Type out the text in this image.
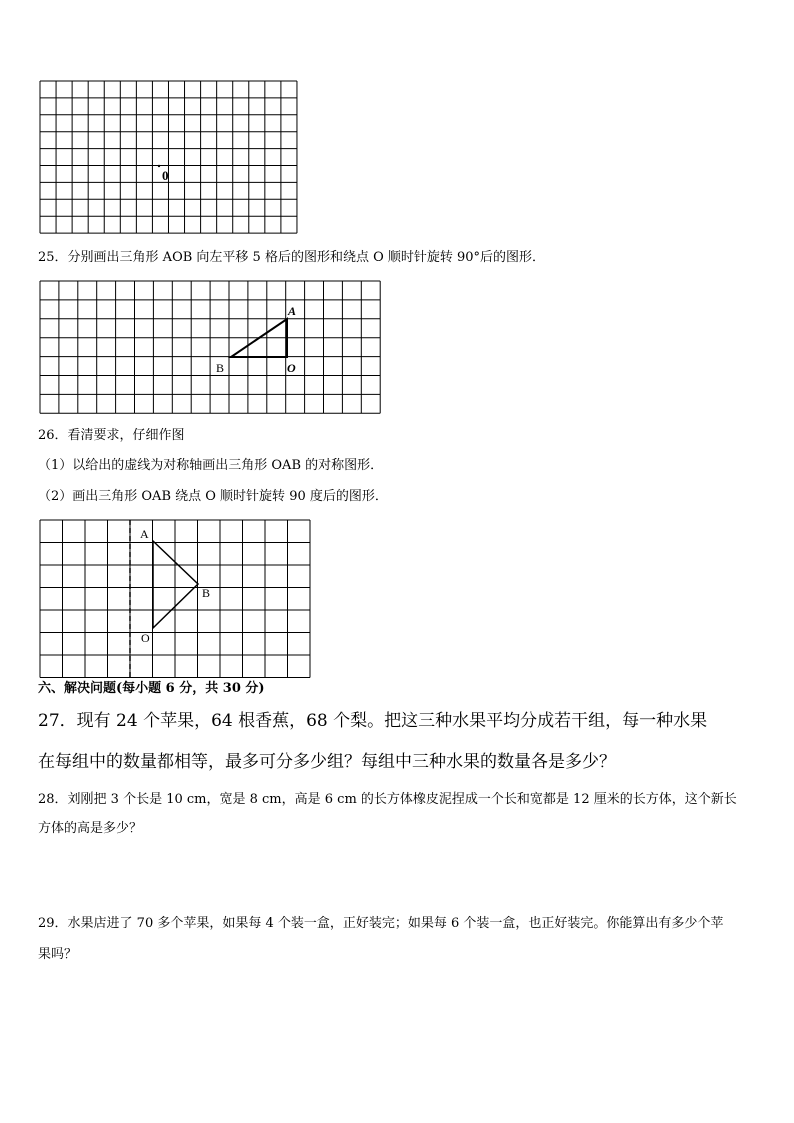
0
25．分别画出三角形 AOB 向左平移 5 格后的图形和绕点 O 顺时针旋转 90°后的图形．
A
B	O
26．看清要求，仔细作图
（1）以给出的虚线为对称轴画出三角形 OAB 的对称图形．
（2）画出三角形 OAB 绕点 O 顺时针旋转 90 度后的图形．
A
B
O
六、解决问题(每小题 6 分，共 30 分)
27．现有 24 个苹果，64 根香蕉，68 个梨。把这三种水果平均分成若干组，每一种水果
在每组中的数量都相等，最多可分多少组？每组中三种水果的数量各是多少？
28．刘刚把 3 个长是 10 cm，宽是 8 cm，高是 6 cm 的长方体橡皮泥捏成一个长和宽都是 12 厘米的长方体，这个新长
方体的高是多少？
29．水果店进了 70 多个苹果，如果每 4 个装一盒，正好装完；如果每 6 个装一盒，也正好装完。你能算出有多少个苹
果吗？
